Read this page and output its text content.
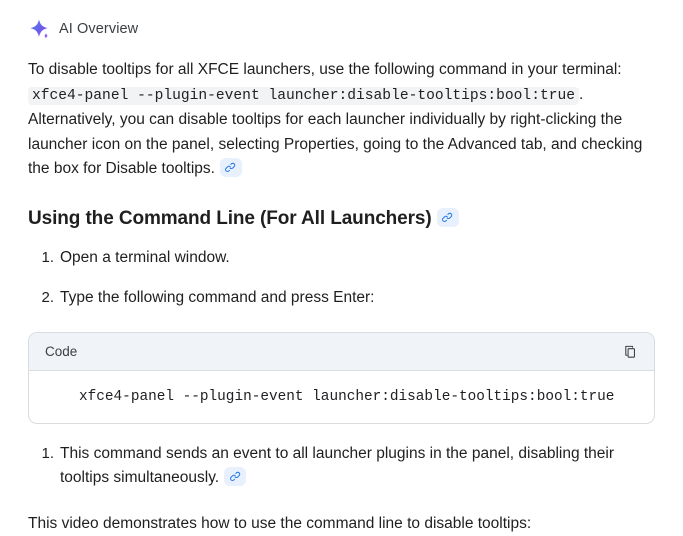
AI Overview

To disable tooltips for all XFCE launchers, use the following command in your terminal: xfce4-panel --plugin-event launcher:disable-tooltips:bool:true . Alternatively, you can disable tooltips for each launcher individually by right-clicking the launcher icon on the panel, selecting Properties, going to the Advanced tab, and checking the box for Disable tooltips.

Using the Command Line (For All Launchers)
Open a terminal window.
Type the following command and press Enter:
Code
xfce4-panel --plugin-event launcher:disable-tooltips:bool:true
This command sends an event to all launcher plugins in the panel, disabling their tooltips simultaneously.

This video demonstrates how to use the command line to disable tooltips:
